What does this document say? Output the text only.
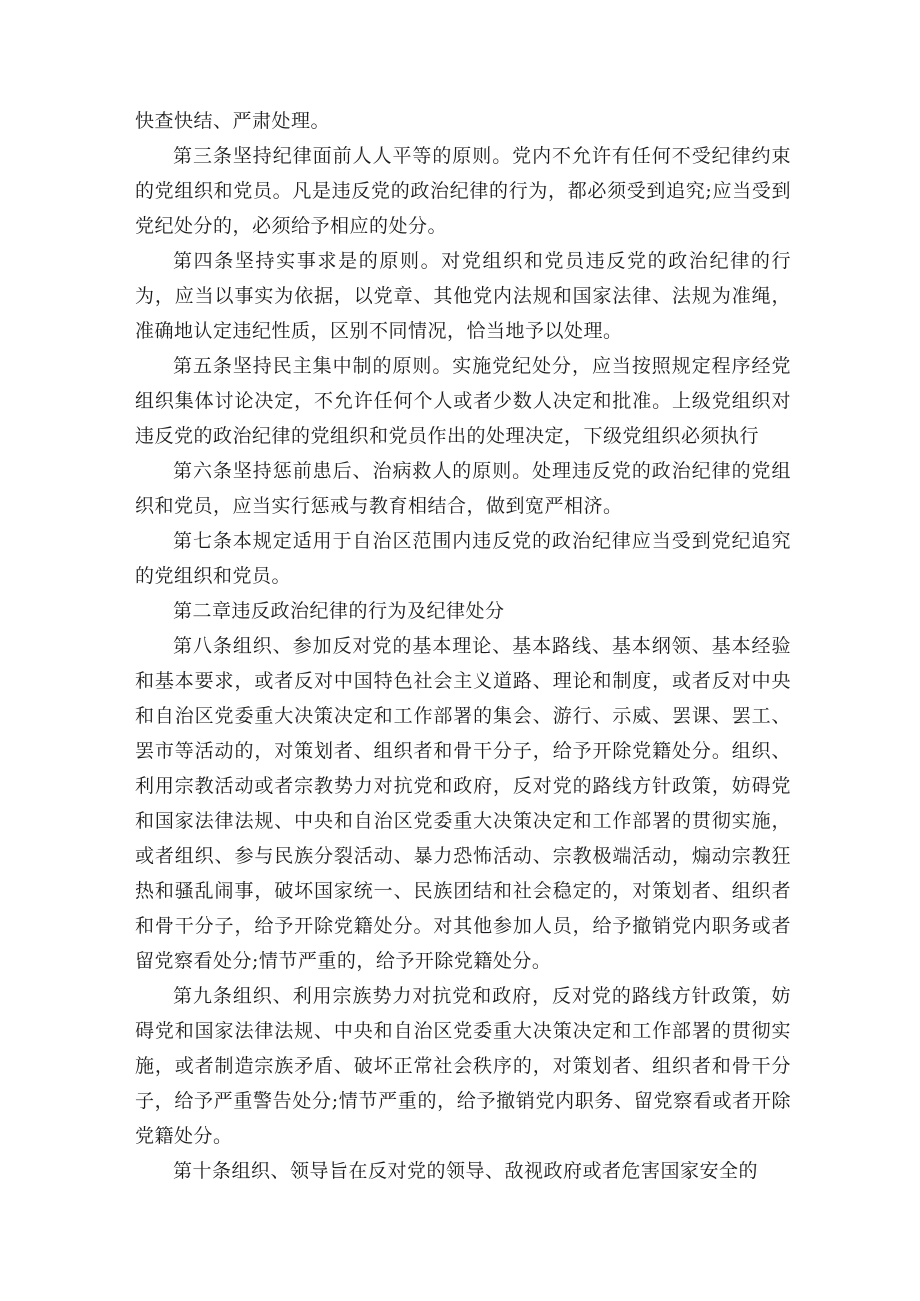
快查快结、严肃处理。

第三条坚持纪律面前人人平等的原则。党内不允许有任何不受纪律约束的党组织和党员。凡是违反党的政治纪律的行为，都必须受到追究;应当受到党纪处分的，必须给予相应的处分。

第四条坚持实事求是的原则。对党组织和党员违反党的政治纪律的行为，应当以事实为依据，以党章、其他党内法规和国家法律、法规为准绳，准确地认定违纪性质，区别不同情况，恰当地予以处理。

第五条坚持民主集中制的原则。实施党纪处分，应当按照规定程序经党组织集体讨论决定，不允许任何个人或者少数人决定和批准。上级党组织对违反党的政治纪律的党组织和党员作出的处理决定，下级党组织必须执行

第六条坚持惩前患后、治病救人的原则。处理违反党的政治纪律的党组织和党员，应当实行惩戒与教育相结合，做到宽严相济。

第七条本规定适用于自治区范围内违反党的政治纪律应当受到党纪追究的党组织和党员。

第二章违反政治纪律的行为及纪律处分

第八条组织、参加反对党的基本理论、基本路线、基本纲领、基本经验和基本要求，或者反对中国特色社会主义道路、理论和制度，或者反对中央和自治区党委重大决策决定和工作部署的集会、游行、示威、罢课、罢工、罢市等活动的，对策划者、组织者和骨干分子，给予开除党籍处分。组织、利用宗教活动或者宗教势力对抗党和政府，反对党的路线方针政策，妨碍党和国家法律法规、中央和自治区党委重大决策决定和工作部署的贯彻实施，或者组织、参与民族分裂活动、暴力恐怖活动、宗教极端活动，煽动宗教狂热和骚乱闹事，破坏国家统一、民族团结和社会稳定的，对策划者、组织者和骨干分子，给予开除党籍处分。对其他参加人员，给予撤销党内职务或者留党察看处分;情节严重的，给予开除党籍处分。

第九条组织、利用宗族势力对抗党和政府，反对党的路线方针政策，妨碍党和国家法律法规、中央和自治区党委重大决策决定和工作部署的贯彻实施，或者制造宗族矛盾、破坏正常社会秩序的，对策划者、组织者和骨干分子，给予严重警告处分;情节严重的，给予撤销党内职务、留党察看或者开除党籍处分。

第十条组织、领导旨在反对党的领导、敌视政府或者危害国家安全的
